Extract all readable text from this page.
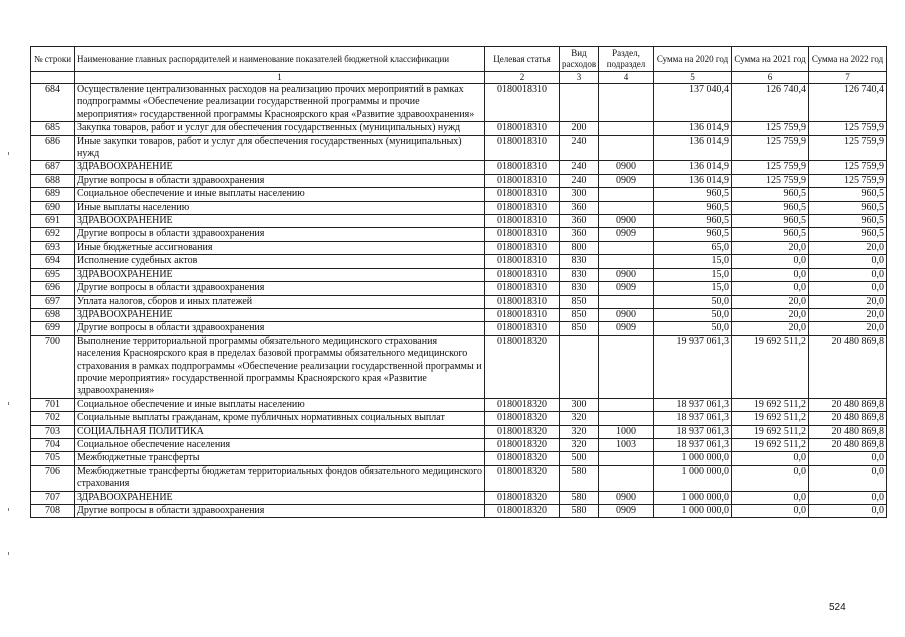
№ строки	Наименование главных распорядителей и наименование показателей бюджетной классификации	Целевая статья	Вид расходов	Раздел, подраздел	Сумма на 2020 год	Сумма на 2021 год	Сумма на 2022 год
	1	2	3	4	5	6	7
684	Осуществление централизованных расходов на реализацию прочих мероприятий в рамках подпрограммы «Обеспечение реализации государственной программы и прочие мероприятия» государственной программы Красноярского края «Развитие здравоохранения»	0180018310			137 040,4	126 740,4	126 740,4
685	Закупка товаров, работ и услуг для обеспечения государственных (муниципальных) нужд	0180018310	200		136 014,9	125 759,9	125 759,9
686	Иные закупки товаров, работ и услуг для обеспечения государственных (муниципальных) нужд	0180018310	240		136 014,9	125 759,9	125 759,9
687	ЗДРАВООХРАНЕНИЕ	0180018310	240	0900	136 014,9	125 759,9	125 759,9
688	Другие вопросы в области здравоохранения	0180018310	240	0909	136 014,9	125 759,9	125 759,9
689	Социальное обеспечение и иные выплаты населению	0180018310	300		960,5	960,5	960,5
690	Иные выплаты населению	0180018310	360		960,5	960,5	960,5
691	ЗДРАВООХРАНЕНИЕ	0180018310	360	0900	960,5	960,5	960,5
692	Другие вопросы в области здравоохранения	0180018310	360	0909	960,5	960,5	960,5
693	Иные бюджетные ассигнования	0180018310	800		65,0	20,0	20,0
694	Исполнение судебных актов	0180018310	830		15,0	0,0	0,0
695	ЗДРАВООХРАНЕНИЕ	0180018310	830	0900	15,0	0,0	0,0
696	Другие вопросы в области здравоохранения	0180018310	830	0909	15,0	0,0	0,0
697	Уплата налогов, сборов и иных платежей	0180018310	850		50,0	20,0	20,0
698	ЗДРАВООХРАНЕНИЕ	0180018310	850	0900	50,0	20,0	20,0
699	Другие вопросы в области здравоохранения	0180018310	850	0909	50,0	20,0	20,0
700	Выполнение территориальной программы обязательного медицинского страхования населения Красноярского края в пределах базовой программы обязательного медицинского страхования в рамках подпрограммы «Обеспечение реализации государственной программы и прочие мероприятия» государственной программы Красноярского края «Развитие здравоохранения»	0180018320			19 937 061,3	19 692 511,2	20 480 869,8
701	Социальное обеспечение и иные выплаты населению	0180018320	300		18 937 061,3	19 692 511,2	20 480 869,8
702	Социальные выплаты гражданам, кроме публичных нормативных социальных выплат	0180018320	320		18 937 061,3	19 692 511,2	20 480 869,8
703	СОЦИАЛЬНАЯ ПОЛИТИКА	0180018320	320	1000	18 937 061,3	19 692 511,2	20 480 869,8
704	Социальное обеспечение населения	0180018320	320	1003	18 937 061,3	19 692 511,2	20 480 869,8
705	Межбюджетные трансферты	0180018320	500		1 000 000,0	0,0	0,0
706	Межбюджетные трансферты бюджетам территориальных фондов обязательного медицинского страхования	0180018320	580		1 000 000,0	0,0	0,0
707	ЗДРАВООХРАНЕНИЕ	0180018320	580	0900	1 000 000,0	0,0	0,0
708	Другие вопросы в области здравоохранения	0180018320	580	0909	1 000 000,0	0,0	0,0
524
